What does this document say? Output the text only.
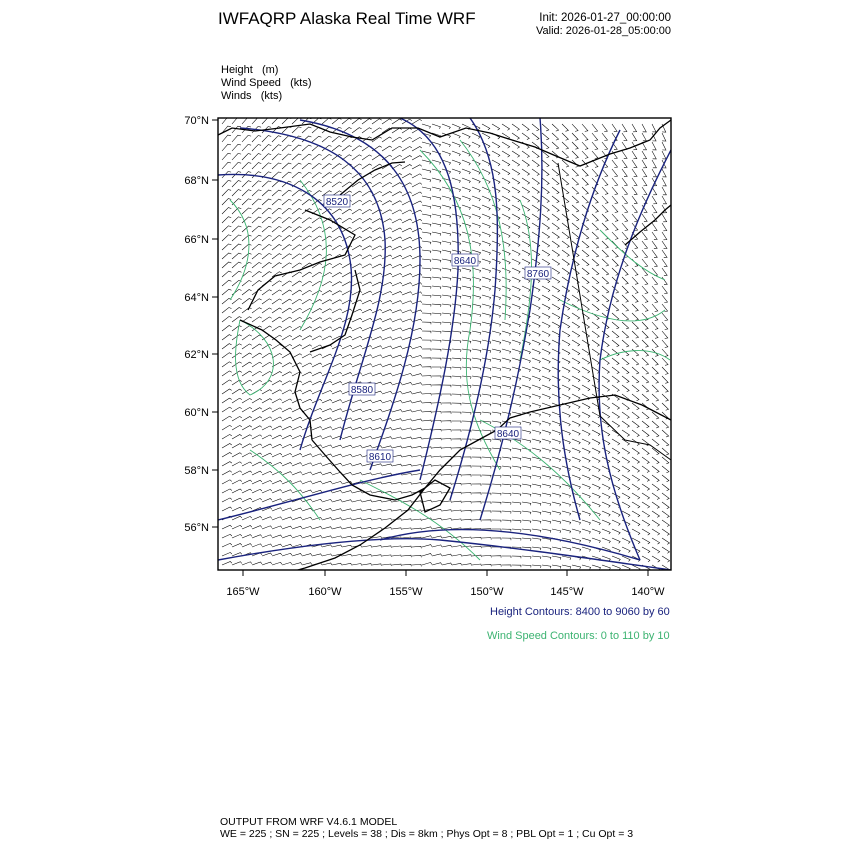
IWFAQRP Alaska Real Time WRF	Init: 2026-01-27_00:00:00
Valid: 2026-01-28_05:00:00
Height   (m)
Wind Speed   (kts)
Winds   (kts)
70°N
68°N
66°N
64°N
62°N
60°N
58°N
56°N
165°W	160°W	155°W	150°W	145°W	140°W
8520
8640
8760
8580
8610
8640
Height Contours: 8400 to 9060 by 60
Wind Speed Contours: 0 to 110 by 10
OUTPUT FROM WRF V4.6.1 MODEL
WE = 225 ; SN = 225 ; Levels = 38 ; Dis = 8km ; Phys Opt = 8 ; PBL Opt = 1 ; Cu Opt = 3
